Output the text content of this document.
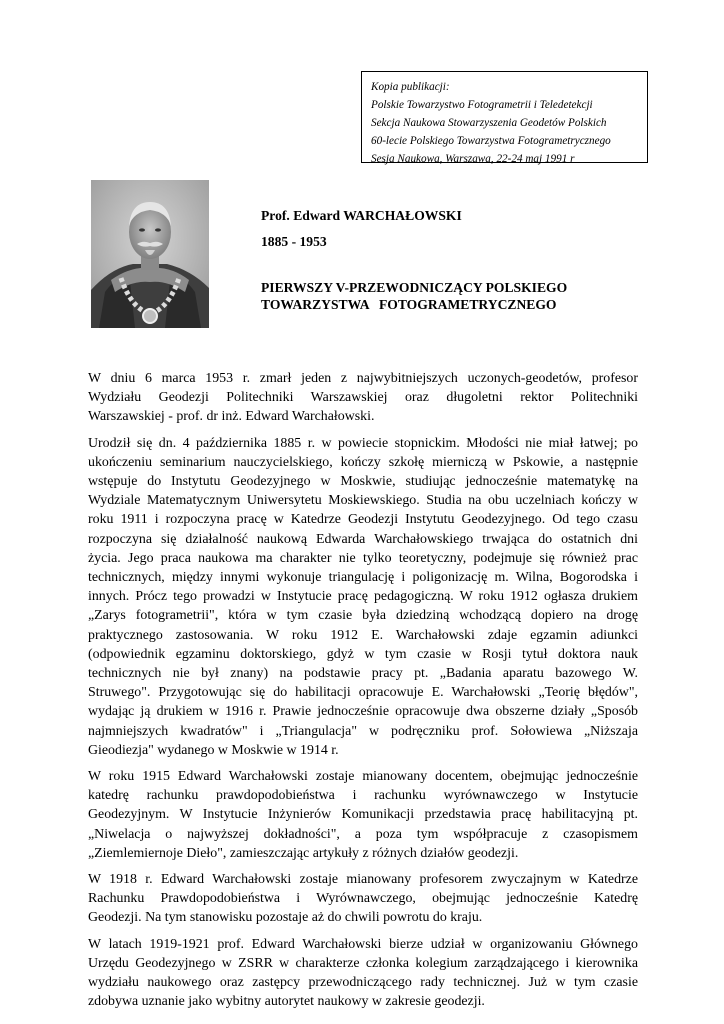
Kopia publikacji:
Polskie Towarzystwo Fotogrametrii i Teledetekcji
Sekcja Naukowa Stowarzyszenia Geodetów Polskich
60-lecie Polskiego Towarzystwa Fotogrametrycznego
Sesja Naukowa, Warszawa, 22-24 maj 1991 r
Prof. Edward WARCHAŁOWSKI
1885 - 1953
PIERWSZY V-PRZEWODNICZĄCY POLSKIEGO
TOWARZYSTWA   FOTOGRAMETRYCZNEGO

W dniu 6 marca 1953 r. zmarł jeden z najwybitniejszych uczonych-geodetów, profesor
Wydziału Geodezji Politechniki Warszawskiej oraz długoletni rektor Politechniki
Warszawskiej - prof. dr inż. Edward Warchałowski.

Urodził się dn. 4 października 1885 r. w powiecie stopnickim. Młodości nie miał łatwej; po
ukończeniu seminarium nauczycielskiego, kończy szkołę mierniczą w Pskowie, a następnie
wstępuje do Instytutu Geodezyjnego w Moskwie, studiując jednocześnie matematykę na
Wydziale Matematycznym Uniwersytetu Moskiewskiego. Studia na obu uczelniach kończy w
roku 1911 i rozpoczyna pracę w Katedrze Geodezji Instytutu Geodezyjnego. Od tego czasu
rozpoczyna się działalność naukową Edwarda Warchałowskiego trwająca do ostatnich dni
życia. Jego praca naukowa ma charakter nie tylko teoretyczny, podejmuje się również prac
technicznych, między innymi wykonuje triangulację i poligonizację m. Wilna, Bogorodska i
innych. Prócz tego prowadzi w Instytucie pracę pedagogiczną. W roku 1912 ogłasza drukiem
„Zarys fotogrametrii", która w tym czasie była dziedziną wchodzącą dopiero na drogę
praktycznego zastosowania. W roku 1912 E. Warchałowski zdaje egzamin adiunkci
(odpowiednik egzaminu doktorskiego, gdyż w tym czasie w Rosji tytuł doktora nauk
technicznych nie był znany) na podstawie pracy pt. „Badania aparatu bazowego W.
Struwego". Przygotowując się do habilitacji opracowuje E. Warchałowski „Teorię błędów",
wydając ją drukiem w 1916 r. Prawie jednocześnie opracowuje dwa obszerne działy „Sposób
najmniejszych kwadratów" i „Triangulacja" w podręczniku prof. Sołowiewa „Niższaja
Gieodiezja" wydanego w Moskwie w 1914 r.

W roku 1915 Edward Warchałowski zostaje mianowany docentem, obejmując jednocześnie
katedrę rachunku prawdopodobieństwa i rachunku wyrównawczego w Instytucie
Geodezyjnym. W Instytucie Inżynierów Komunikacji przedstawia pracę habilitacyjną pt.
„Niwelacja o najwyższej dokładności", a poza tym współpracuje z czasopismem
„Ziemlemiernoje Dieło", zamieszczając artykuły z różnych działów geodezji.

W 1918 r. Edward Warchałowski zostaje mianowany profesorem zwyczajnym w Katedrze
Rachunku Prawdopodobieństwa i Wyrównawczego, obejmując jednocześnie Katedrę
Geodezji. Na tym stanowisku pozostaje aż do chwili powrotu do kraju.

W latach 1919-1921 prof. Edward Warchałowski bierze udział w organizowaniu Głównego
Urzędu Geodezyjnego w ZSRR w charakterze członka kolegium zarządzającego i kierownika
wydziału naukowego oraz zastępcy przewodniczącego rady technicznej. Już w tym czasie
zdobywa uznanie jako wybitny autorytet naukowy w zakresie geodezji.
